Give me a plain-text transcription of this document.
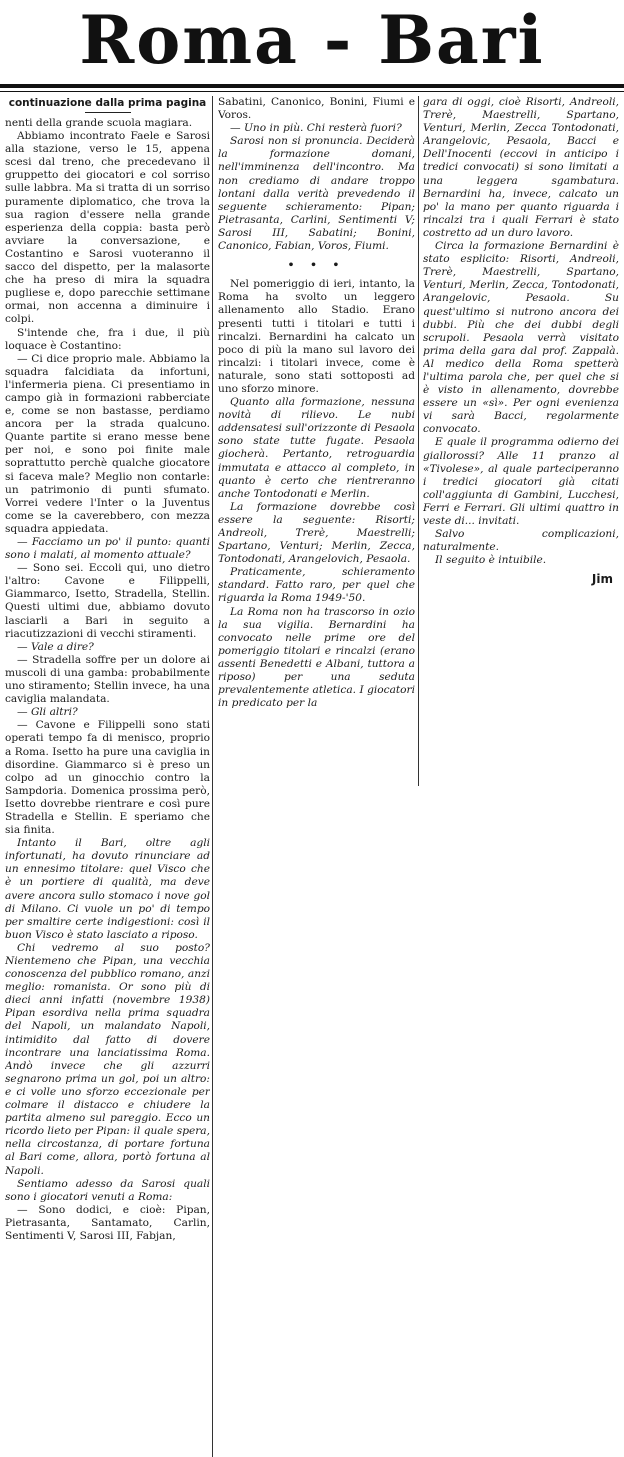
Roma - Bari
continuazione dalla prima pagina

nenti della grande scuola magiara.

Abbiamo incontrato Faele e Sarosi alla stazione, verso le 15, appena scesi dal treno, che precedevano il gruppetto dei giocatori e col sorriso sulle labbra. Ma si tratta di un sorriso puramente diplomatico, che trova la sua ragion d'essere nella grande esperienza della coppia: basta però avviare la conversazione, e Costantino e Sarosi vuoteranno il sacco del dispetto, per la malasorte che ha preso di mira la squadra pugliese e, dopo parecchie settimane ormai, non accenna a diminuire i colpi.

S'intende che, fra i due, il più loquace è Costantino:

— Ci dice proprio male. Abbiamo la squadra falcidiata da infortuni, l'infermeria piena. Ci presentiamo in campo già in formazioni rabberciate e, come se non bastasse, perdiamo ancora per la strada qualcuno. Quante partite si erano messe bene per noi, e sono poi finite male soprattutto perchè qualche giocatore si faceva male? Meglio non contarle: un patrimonio di punti sfumato. Vorrei vedere l'Inter o la Juventus come se la caverebbero, con mezza squadra appiedata.

— Facciamo un po' il punto: quanti sono i malati, al momento attuale?

— Sono sei. Eccoli qui, uno dietro l'altro: Cavone e Filippelli, Giammarco, Isetto, Stradella, Stellin. Questi ultimi due, abbiamo dovuto lasciarli a Bari in seguito a riacutizzazioni di vecchi stiramenti.

— Vale a dire?

— Stradella soffre per un dolore ai muscoli di una gamba: probabilmente uno stiramento; Stellin invece, ha una caviglia malandata.

— Gli altri?

— Cavone e Filippelli sono stati operati tempo fa di menisco, proprio a Roma. Isetto ha pure una caviglia in disordine. Giammarco si è preso un colpo ad un ginocchio contro la Sampdoria. Domenica prossima però, Isetto dovrebbe rientrare e così pure Stradella e Stellin. E speriamo che sia finita.

Intanto il Bari, oltre agli infortunati, ha dovuto rinunciare ad un ennesimo titolare: quel Visco che è un portiere di qualità, ma deve avere ancora sullo stomaco i nove gol di Milano. Ci vuole un po' di tempo per smaltire certe indigestioni: così il buon Visco è stato lasciato a riposo.

Chi vedremo al suo posto? Nientemeno che Pipan, una vecchia conoscenza del pubblico romano, anzi meglio: romanista. Or sono più di dieci anni infatti (novembre 1938) Pipan esordiva nella prima squadra del Napoli, un malandato Napoli, intimidito dal fatto di dovere incontrare una lanciatissima Roma. Andò invece che gli azzurri segnarono prima un gol, poi un altro: e ci volle uno sforzo eccezionale per colmare il distacco e chiudere la partita almeno sul pareggio. Ecco un ricordo lieto per Pipan: il quale spera, nella circostanza, di portare fortuna al Bari come, allora, portò fortuna al Napoli.

Sentiamo adesso da Sarosi quali sono i giocatori venuti a Roma:

— Sono dodici, e cioè: Pipan, Pietrasanta, Santamato, Carlin, Sentimenti V, Sarosi III, Fabjan,

Sabatini, Canonico, Bonini, Fiumi e Voros.

— Uno in più. Chi resterà fuori?

Sarosi non si pronuncia. Deciderà la formazione domani, nell'imminenza dell'incontro. Ma non crediamo di andare troppo lontani dalla verità prevedendo il seguente schieramento: Pipan; Pietrasanta, Carlini, Sentimenti V; Sarosi III, Sabatini; Bonini, Canonico, Fabian, Voros, Fiumi.

• • •

Nel pomeriggio di ieri, intanto, la Roma ha svolto un leggero allenamento allo Stadio. Erano presenti tutti i titolari e tutti i rincalzi. Bernardini ha calcato un poco di più la mano sul lavoro dei rincalzi: i titolari invece, come è naturale, sono stati sottoposti ad uno sforzo minore.

Quanto alla formazione, nessuna novità di rilievo. Le nubi addensatesi sull'orizzonte di Pesaola sono state tutte fugate. Pesaola giocherà. Pertanto, retroguardia immutata e attacco al completo, in quanto è certo che rientreranno anche Tontodonati e Merlin.

La formazione dovrebbe così essere la seguente: Risorti; Andreoli, Trerè, Maestrelli; Spartano, Venturi; Merlin, Zecca, Tontodonati, Arangelovich, Pesaola.

Praticamente, schieramento standard. Fatto raro, per quel che riguarda la Roma 1949-'50.

La Roma non ha trascorso in ozio la sua vigilia. Bernardini ha convocato nelle prime ore del pomeriggio titolari e rincalzi (erano assenti Benedetti e Albani, tuttora a riposo) per una seduta prevalentemente atletica. I giocatori in predicato per la

gara di oggi, cioè Risorti, Andreoli, Trerè, Maestrelli, Spartano, Venturi, Merlin, Zecca Tontodonati, Arangelovic, Pesaola, Bacci e Dell'Inocenti (eccovi in anticipo i tredici convocati) si sono limitati a una leggera sgambatura. Bernardini ha, invece, calcato un po' la mano per quanto riguarda i rincalzi tra i quali Ferrari è stato costretto ad un duro lavoro.

Circa la formazione Bernardini è stato esplicito: Risorti, Andreoli, Trerè, Maestrelli, Spartano, Venturi, Merlin, Zecca, Tontodonati, Arangelovic, Pesaola. Su quest'ultimo si nutrono ancora dei dubbi. Più che dei dubbi degli scrupoli. Pesaola verrà visitato prima della gara dal prof. Zappalà. Al medico della Roma spetterà l'ultima parola che, per quel che si è visto in allenamento, dovrebbe essere un «sì». Per ogni evenienza vi sarà Bacci, regolarmente convocato.

E quale il programma odierno dei giallorossi? Alle 11 pranzo al «Tivolese», al quale parteciperanno i tredici giocatori già citati coll'aggiunta di Gambini, Lucchesi, Ferri e Ferrari. Gli ultimi quattro in veste di... invitati.

Salvo complicazioni, naturalmente.

Il seguito è intuibile.

Jim
